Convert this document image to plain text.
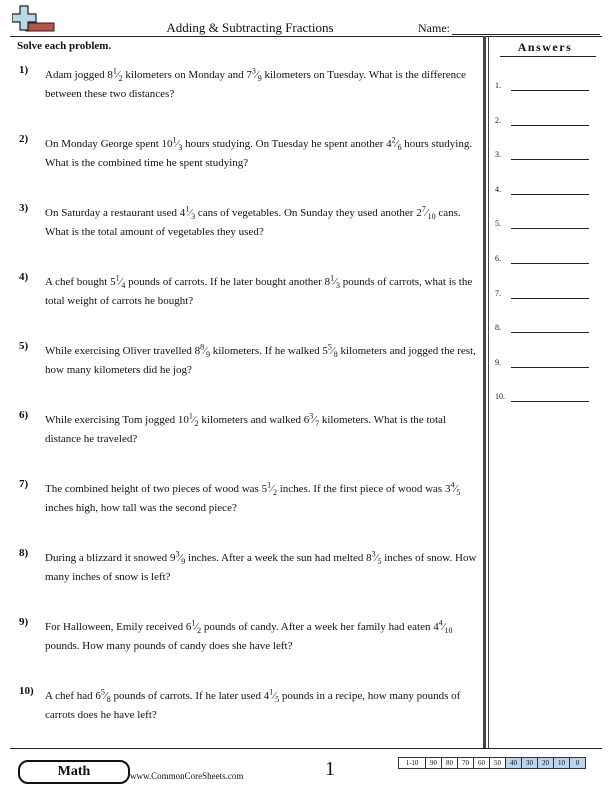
Adding & Subtracting Fractions	Name:
Solve each problem.	Answers
1) Adam jogged $8^1⁄_2$ kilometers on Monday and $7^3⁄_9$ kilometers on Tuesday. What is the difference between these two distances?
2) On Monday George spent $10^1⁄_3$ hours studying. On Tuesday he spent another $4^2⁄_6$ hours studying. What is the combined time he spent studying?
3) On Saturday a restaurant used $4^1⁄_3$ cans of vegetables. On Sunday they used another $2^7⁄_{10}$ cans. What is the total amount of vegetables they used?
4) A chef bought $5^1⁄_4$ pounds of carrots. If he later bought another $8^1⁄_3$ pounds of carrots, what is the total weight of carrots he bought?
5) While exercising Oliver travelled $8^8⁄_9$ kilometers. If he walked $5^5⁄_8$ kilometers and jogged the rest, how many kilometers did he jog?
6) While exercising Tom jogged $10^1⁄_2$ kilometers and walked $6^3⁄_7$ kilometers. What is the total distance he traveled?
7) The combined height of two pieces of wood was $5^1⁄_2$ inches. If the first piece of wood was $3^4⁄_5$ inches high, how tall was the second piece?
8) During a blizzard it snowed $9^3⁄_9$ inches. After a week the sun had melted $8^3⁄_5$ inches of snow. How many inches of snow is left?
9) For Halloween, Emily received $6^1⁄_2$ pounds of candy. After a week her family had eaten $4^4⁄_{10}$ pounds. How many pounds of candy does she have left?
10) A chef had $6^5⁄_8$ pounds of carrots. If he later used $4^1⁄_5$ pounds in a recipe, how many pounds of carrots does he have left?
1.
2.
3.
4.
5.
6.
7.
8.
9.
10.
Math	www.CommonCoreSheets.com	1	1-10	90	80	70	60	50	40	30	20	10	0
